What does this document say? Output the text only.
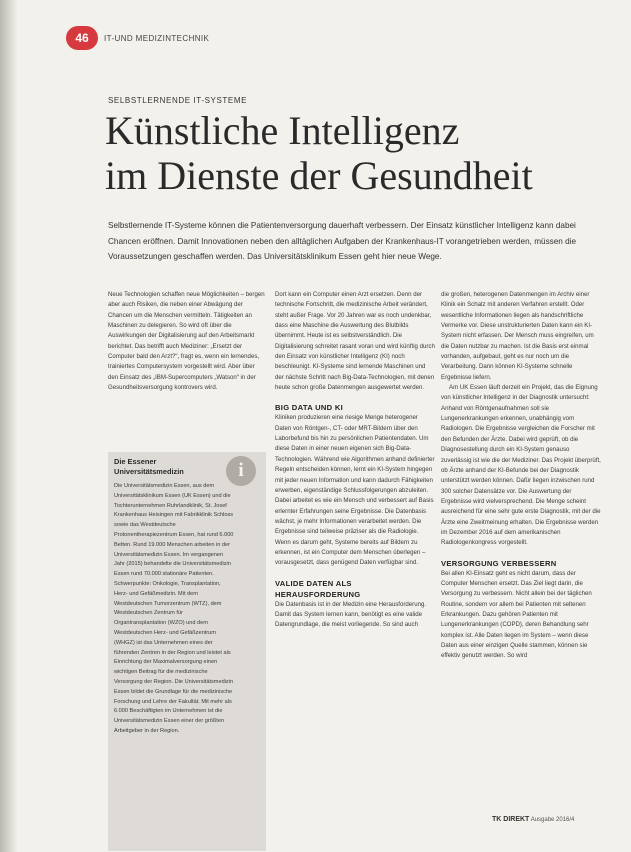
46	IT-UND MEDIZINTECHNIK
SELBSTLERNENDE IT-SYSTEME
Künstliche Intelligenz
im Dienste der Gesundheit

Selbstlernende IT-Systeme können die Patientenversorgung dauerhaft verbessern. Der Einsatz künstlicher Intelligenz kann dabei Chancen eröffnen. Damit Innovationen neben den alltäglichen Aufgaben der Krankenhaus-IT vorangetrieben werden, müssen die Voraussetzungen geschaffen werden. Das Universitätsklinikum Essen geht hier neue Wege.

Neue Technologien schaffen neue Möglichkeiten – bergen aber auch Risiken, die neben einer Abwägung der Chancen um die Menschen vermitteln. Tätigkeiten an Maschinen zu delegieren. So wird oft über die Auswirkungen der Digitalisierung auf den Arbeitsmarkt berichtet. Das betrifft auch Mediziner: „Ersetzt der Computer bald den Arzt?“, fragt es, wenn ein lernendes, trainiertes Computersystem vorgestellt wird. Aber über den Einsatz des „IBM-Supercomputers „Watson“ in der Gesundheitsversorgung kontrovers wird.

Die Essener Universitätsmedizin	i

Die Universitätsmedizin Essen, aus dem Universitätsklinikum Essen (UK Essen) und die Tochterunternehmen Ruhrlandklinik, St. Josef Krankenhaus Heisingen mit Fabrikklinik Schloss sowie das Westdeutsche Protonentherapiezentrum Essen, hat rund 6.000 Betten. Rund 19.000 Menschen arbeiten in der Universitätsmedizin Essen. Im vergangenen Jahr (2015) behandelte die Universitätsmedizin Essen rund 70.000 stationäre Patienten. Schwerpunkte: Onkologie, Transplantation, Herz- und Gefäßmedizin. Mit dem Westdeutschen Tumorzentrum (WTZ), dem Westdeutschen Zentrum für Organtransplantation (WZO) und dem Westdeutschen Herz- und Gefäßzentrum (WHGZ) ist das Unternehmen eines der führenden Zentren in der Region und leistet als Einrichtung der Maximalversorgung einen wichtigen Beitrag für die medizinische Versorgung der Region. Die Universitätsmedizin Essen bildet die Grundlage für die medizinische Forschung und Lehre der Fakultät. Mit mehr als 6.000 Beschäftigten im Unternehmen ist die Universitätsmedizin Essen einer der größten Arbeitgeber in der Region.

Dort kann ein Computer einen Arzt ersetzen. Denn der technische Fortschritt, die medizinische Arbeit verändert, steht außer Frage. Vor 20 Jahren war es noch undenkbar, dass eine Maschine die Auswertung des Blutbilds übernimmt. Heute ist es selbstverständlich. Die Digitalisierung schreitet rasant voran und wird künftig durch den Einsatz von künstlicher Intelligenz (KI) noch beschleunigt. KI-Systeme sind lernende Maschinen und der nächste Schritt nach Big-Data-Technologien, mit denen heute schon große Datenmengen ausgewertet werden.

BIG DATA UND KI

Kliniken produzieren eine riesige Menge heterogener Daten von Röntgen-, CT- oder MRT-Bildern über den Laborbefund bis hin zu persönlichen Patientendaten. Um diese Daten in einer neuen eigenen sich Big-Data-Technologien. Während wie Algorithmen anhand definierter Regeln entscheiden können, lernt ein KI-System hingegen mit jeder neuen Information und kann dadurch Fähigkeiten erwerben, eigenständige Schlussfolgerungen abzuleiten. Dabei arbeitet es wie ein Mensch und verbessert auf Basis erlernter Erfahrungen seine Ergebnisse. Die Datenbasis wächst, je mehr Informationen verarbeitet werden. Die Ergebnisse sind teilweise präziser als die Radiologie. Wenn es darum geht, Systeme bereits auf Bildern zu erkennen, ist ein Computer dem Menschen überlegen – vorausgesetzt, dass genügend Daten verfügbar sind.

VALIDE DATEN ALS HERAUSFORDERUNG

Die Datenbasis ist in der Medizin eine Herausforderung. Damit das System lernen kann, benötigt es eine valide Datengrundlage, die meist vorliegende. So sind auch

die großen, heterogenen Datenmengen im Archiv einer Klinik ein Schatz mit anderen Verfahren erstellt. Oder wesentliche Informationen liegen als handschriftliche Vermerke vor. Diese unstrukturierten Daten kann ein KI-System nicht erfassen. Der Mensch muss eingreifen, um die Daten nutzbar zu machen. Ist die Basis erst einmal vorhanden, aufgebaut, geht es nur noch um die Verarbeitung. Dann können KI-Systeme schnelle Ergebnisse liefern.

Am UK Essen läuft derzeit ein Projekt, das die Eignung von künstlicher Intelligenz in der Diagnostik untersucht: Anhand von Röntgenaufnahmen soll sie Lungenerkrankungen erkennen, unabhängig vom Radiologen. Die Ergebnisse vergleichen die Forscher mit den Befunden der Ärzte. Dabei wird geprüft, ob die Diagnosestellung durch ein KI-System genauso zuverlässig ist wie die der Mediziner. Das Projekt überprüft, ob Ärzte anhand der KI-Befunde bei der Diagnostik unterstützt werden können. Dafür liegen inzwischen rund 300 solcher Datensätze vor. Die Auswertung der Ergebnisse wird vielversprechend. Die Menge scheint ausreichend für eine sehr gute erste Diagnostik, mit der die Ärzte eine Zweitmeinung erhalten. Die Ergebnisse werden im Dezember 2016 auf dem amerikanischen Radiologenkongress vorgestellt.

VERSORGUNG VERBESSERN

Bei allen KI-Einsatz geht es nicht darum, dass der Computer Menschen ersetzt. Das Ziel liegt darin, die Versorgung zu verbessern. Nicht allein bei der täglichen Routine, sondern vor allem bei Patienten mit seltenen Erkrankungen. Dazu gehören Patienten mit Lungenerkrankungen (COPD), deren Behandlung sehr komplex ist. Alle Daten liegen im System – wenn diese Daten aus einer einzigen Quelle stammen, können sie effektiv genutzt werden. So wird

TK DIREKT Ausgabe 2016/4
